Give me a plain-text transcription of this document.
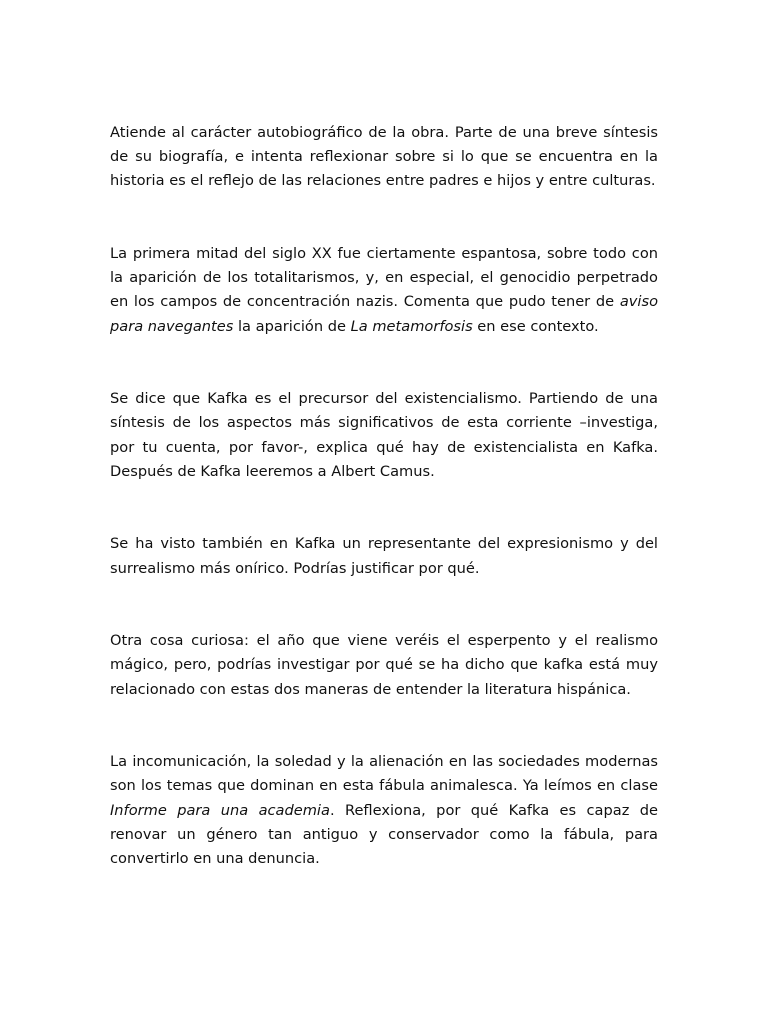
Atiende al carácter autobiográfico de la obra. Parte de una breve síntesis de su biografía, e intenta reflexionar sobre si lo que se encuentra en la historia es el reflejo de las relaciones entre padres e hijos y entre culturas.

La primera mitad del siglo XX fue ciertamente espantosa, sobre todo con la aparición de los totalitarismos, y, en especial, el genocidio perpetrado en los campos de concentración nazis. Comenta que pudo tener de aviso para navegantes la aparición de La metamorfosis en ese contexto.

Se dice que Kafka es el precursor del existencialismo. Partiendo de una síntesis de los aspectos más significativos de esta corriente –investiga, por tu cuenta, por favor-, explica qué hay de existencialista en Kafka. Después de Kafka leeremos a Albert Camus.

Se ha visto también en Kafka un representante del expresionismo y del surrealismo más onírico. Podrías justificar por qué.

Otra cosa curiosa: el año que viene veréis el esperpento y el realismo mágico, pero, podrías investigar por qué se ha dicho que kafka está muy relacionado con estas dos maneras de entender la literatura hispánica.

La incomunicación, la soledad y la alienación en las sociedades modernas son los temas que dominan en esta fábula animalesca. Ya leímos en clase Informe para una academia. Reflexiona, por qué Kafka es capaz de renovar un género tan antiguo y conservador como la fábula, para convertirlo en una denuncia.
